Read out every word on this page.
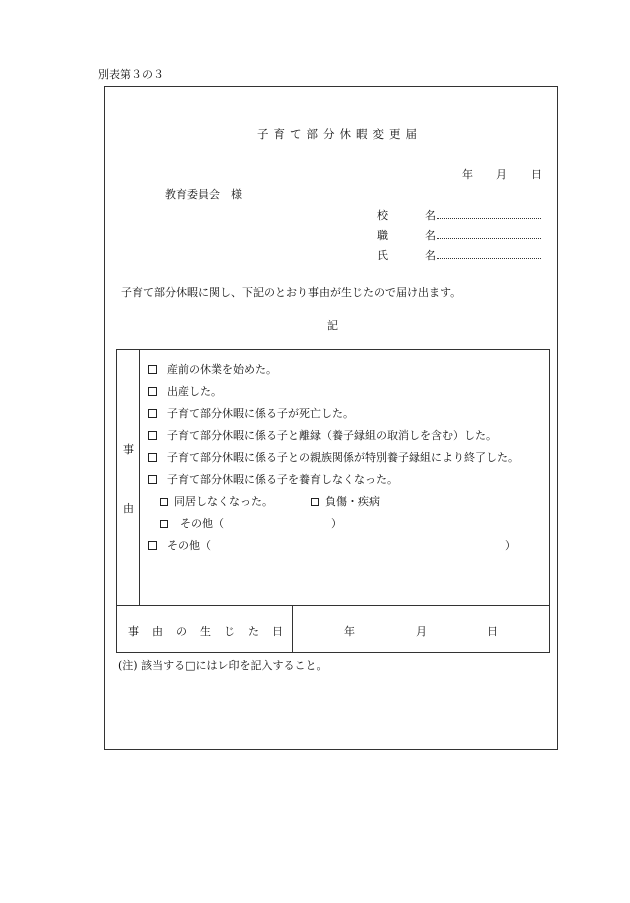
別表第３の３
子育て部分休暇変更届
年 月 日
教育委員会　様
校	名
職	名
氏	名
子育て部分休暇に関し、下記のとおり事由が生じたので届け出ます。
記
事
由
産前の休業を始めた。
出産した。
子育て部分休暇に係る子が死亡した。
子育て部分休暇に係る子と離縁（養子縁組の取消しを含む）した。
子育て部分休暇に係る子との親族関係が特別養子縁組により終了した。
子育て部分休暇に係る子を養育しなくなった。
同居しなくなった。	負傷・疾病
その他（	）
その他（	）
事由の生じた日	年	月	日
(注) 該当する□にはレ印を記入すること。
